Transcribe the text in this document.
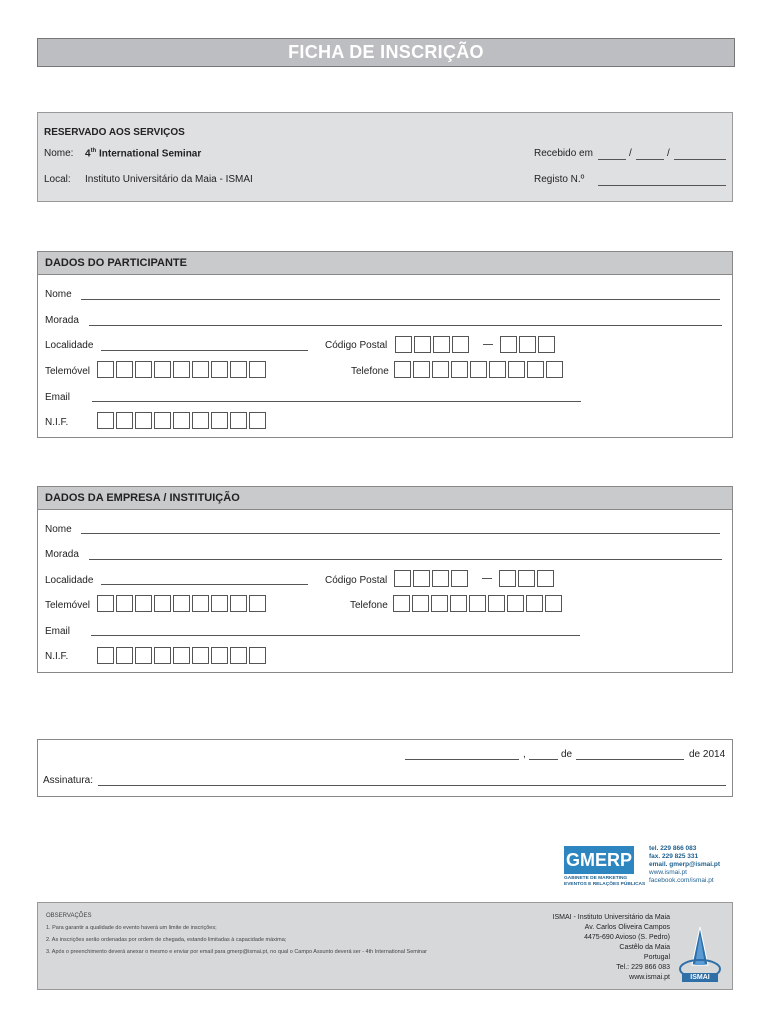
FICHA DE INSCRIÇÃO
RESERVADO AOS SERVIÇOS
Nome: 4th International Seminar
Local: Instituto Universitário da Maia - ISMAI
Recebido em	/	/
Registo N.º
DADOS DO PARTICIPANTE
Nome
Morada
Localidade	Código Postal
Telemóvel	Telefone
Email
N.I.F.
DADOS DA EMPRESA / INSTITUIÇÃO
Nome
Morada
Localidade	Código Postal
Telemóvel	Telefone
Email
N.I.F.
,	de	de 2014
Assinatura:
GMERP
GABINETE DE MARKETING
EVENTOS E RELAÇÕES PÚBLICAS
tel. 229 866 083
fax. 229 825 331
email. gmerp@ismai.pt
www.ismai.pt
facebook.com/ismai.pt
OBSERVAÇÕES
1. Para garantir a qualidade do evento haverá um limite de inscrições;
2. As inscrições serão ordenadas por ordem de chegada, estando limitadas à capacidade máxima;
3. Após o preenchimento deverá anexar o mesmo e enviar por email para gmerp@ismai.pt, no qual o Campo Assunto deverá ser - 4th International Seminar
ISMAI - Instituto Universitário da Maia
Av. Carlos Oliveira Campos
4475-690 Avioso (S. Pedro)
Castêlo da Maia
Portugal
Tel.: 229 866 083
www.ismai.pt	ISMAI
